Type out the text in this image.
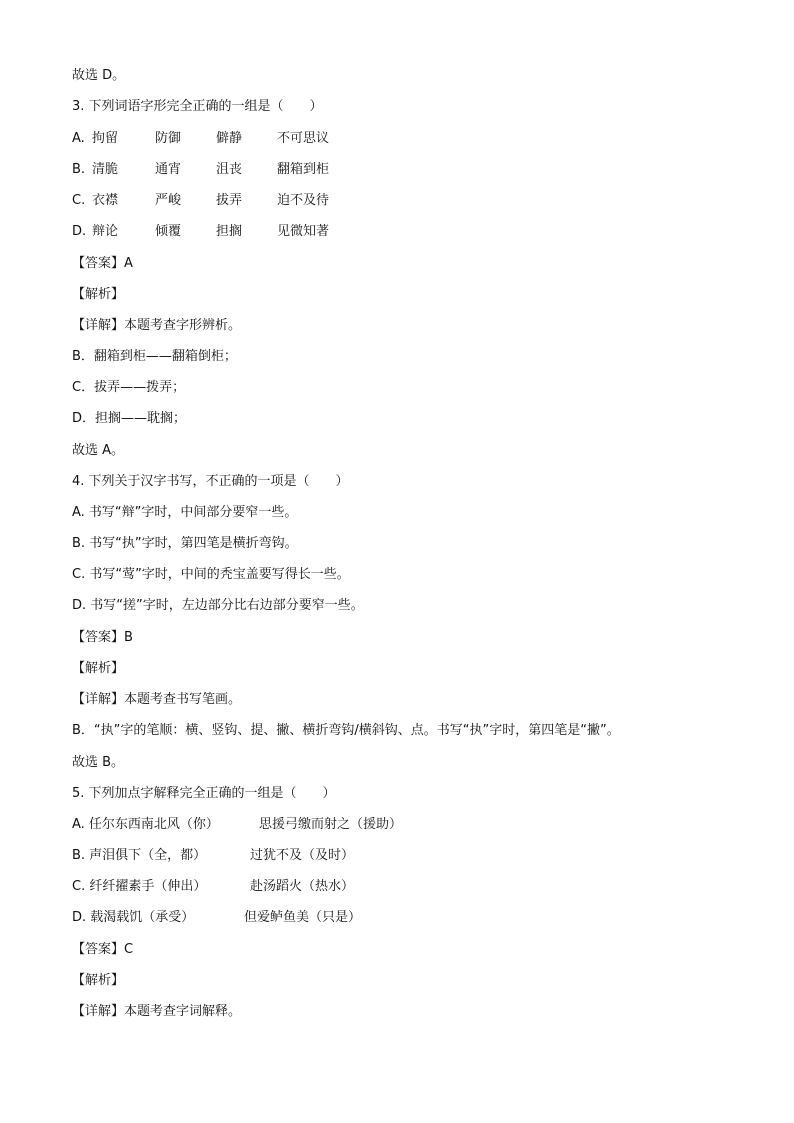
故选 D。
3. 下列词语字形完全正确的一组是（　　）
A. 拘留	防御	僻静	不可思议
B. 清脆	通宵	沮丧	翻箱到柜
C. 衣襟	严峻	拔弄	迫不及待
D. 辩论	倾覆	担搁	见微知著
【答案】A
【解析】
【详解】本题考查字形辨析。
B．翻箱到柜——翻箱倒柜；
C．拔弄——拨弄；
D．担搁——耽搁；
故选 A。
4. 下列关于汉字书写，不正确的一项是（　　）
A. 书写“辩”字时，中间部分要窄一些。
B. 书写“执”字时，第四笔是横折弯钩。
C. 书写“莺”字时，中间的秃宝盖要写得长一些。
D. 书写“搓”字时，左边部分比右边部分要窄一些。
【答案】B
【解析】
【详解】本题考查书写笔画。
B．“执”字的笔顺：横、竖钩、提、撇、横折弯钩/横斜钩、点。书写“执”字时，第四笔是“撇”。
故选 B。
5. 下列加点字解释完全正确的一组是（　　）
A. 任尔东西南北风（你）	思援弓缴而射之（援助）
B. 声泪俱下（全，都）	过犹不及（及时）
C. 纤纤擢素手（伸出）	赴汤蹈火（热水）
D. 载渴载饥（承受）	但爱鲈鱼美（只是）
【答案】C
【解析】
【详解】本题考查字词解释。
